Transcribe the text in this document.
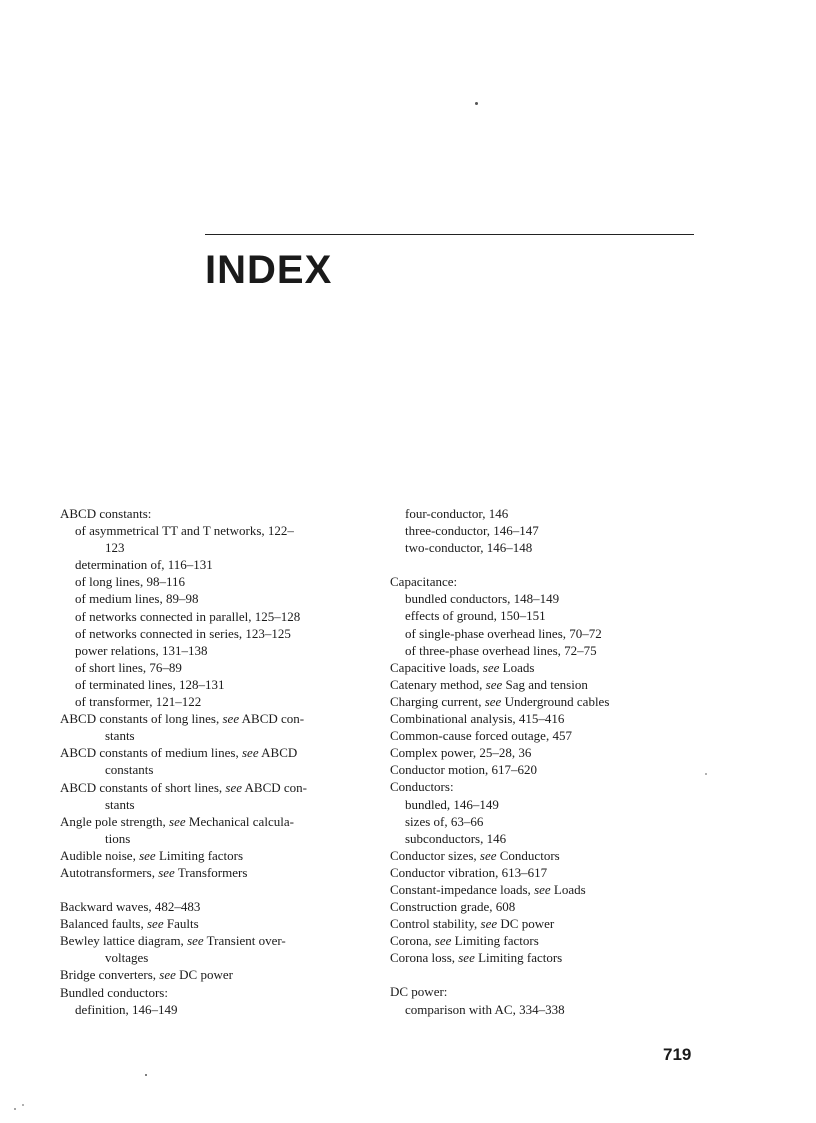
INDEX
ABCD constants:
of asymmetrical TT and T networks, 122–
123
determination of, 116–131
of long lines, 98–116
of medium lines, 89–98
of networks connected in parallel, 125–128
of networks connected in series, 123–125
power relations, 131–138
of short lines, 76–89
of terminated lines, 128–131
of transformer, 121–122
ABCD constants of long lines, see ABCD con-
stants
ABCD constants of medium lines, see ABCD
constants
ABCD constants of short lines, see ABCD con-
stants
Angle pole strength, see Mechanical calcula-
tions
Audible noise, see Limiting factors
Autotransformers, see Transformers
Backward waves, 482–483
Balanced faults, see Faults
Bewley lattice diagram, see Transient over-
voltages
Bridge converters, see DC power
Bundled conductors:
definition, 146–149
four-conductor, 146
three-conductor, 146–147
two-conductor, 146–148
Capacitance:
bundled conductors, 148–149
effects of ground, 150–151
of single-phase overhead lines, 70–72
of three-phase overhead lines, 72–75
Capacitive loads, see Loads
Catenary method, see Sag and tension
Charging current, see Underground cables
Combinational analysis, 415–416
Common-cause forced outage, 457
Complex power, 25–28, 36
Conductor motion, 617–620
Conductors:
bundled, 146–149
sizes of, 63–66
subconductors, 146
Conductor sizes, see Conductors
Conductor vibration, 613–617
Constant-impedance loads, see Loads
Construction grade, 608
Control stability, see DC power
Corona, see Limiting factors
Corona loss, see Limiting factors
DC power:
comparison with AC, 334–338
719
